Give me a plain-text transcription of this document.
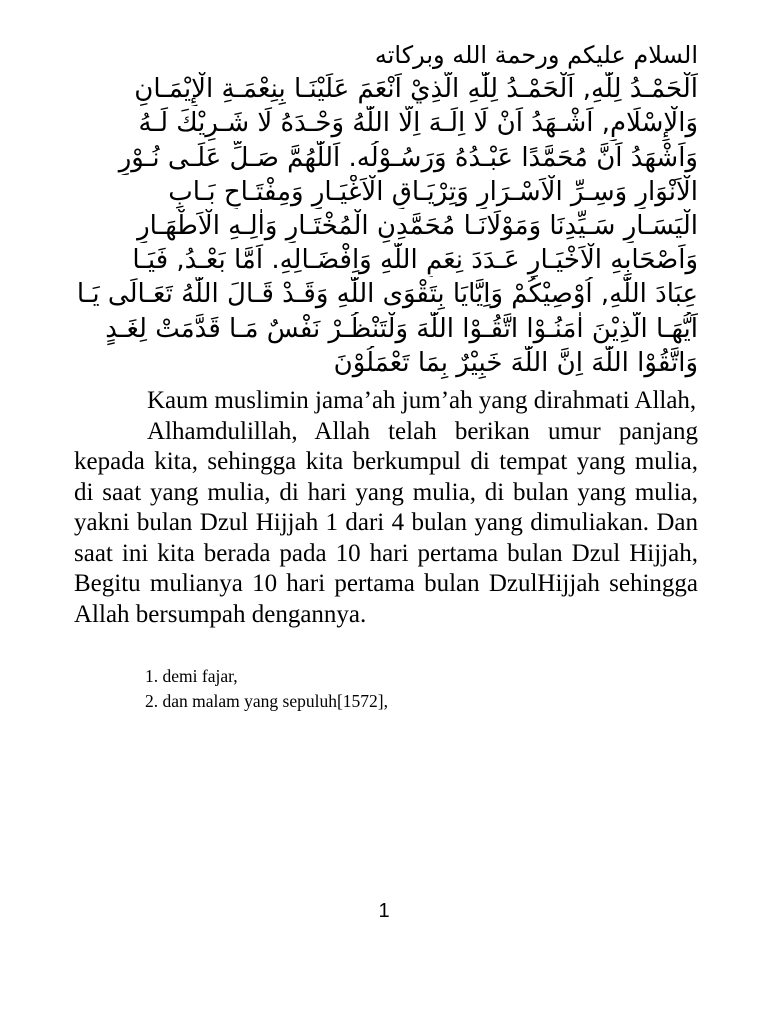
السلام عليكم ورحمة الله وبركاته
اَلْحَمْـدُ لِلّٰهِ, اَلْحَمْـدُ لِلّٰهِ الَّذِيْ اَنْعَمَ عَلَيْنَـا بِنِعْمَـةِ الْإِيْمَـانِ
وَالْإِسْلَامِ, اَشْـهَدُ اَنْ لَا اِلَـهَ اِلَّا اللّٰهُ وَحْـدَهُ لَا شَـرِيْكَ لَـهُ
وَاَشْهَدُ اَنَّ مُحَمَّدًا عَبْـدُهُ وَرَسُـوْلُه. اَللّٰهُمَّ صَـلِّ عَلَـى نُـوْرِ
الْاَنْوَارِ وَسِـرِّ الْاَسْـرَارِ وَتِرْيَـاقِ الْاَغْيَـارِ وَمِفْتَـاحِ بَـابِ
الْيَسَـارِ سَـيِّدِنَا وَمَوْلَانَـا مُحَمَّدِنِ الْمُخْتَـارِ وَاٰلِـهِ الْاَطْهَـارِ
وَاَصْحَابِهِ الْاَخْيَـارِ عَـدَدَ نِعَمِ اللّٰهِ وَاِفْضَـالِهِ. اَمَّا بَعْـدُ, فَيَـا
عِبَادَ اللّٰهِ, اُوْصِيْكُمْ وَاِيَّايَا بِتَقْوَى اللّٰهِ وَقَـدْ قَـالَ اللّٰهُ تَعَـالَى يَـا
اَيُّهَـا الَّذِيْنَ اٰمَنُـوْا اتَّقُـوْا اللّٰهَ وَلْتَنْظُـرْ نَفْسٌ مَـا قَدَّمَتْ لِغَـدٍ
وَاتَّقُوْا اللّٰهَ اِنَّ اللّٰهَ خَبِيْرٌ بِمَا تَعْمَلُوْنَ

Kaum muslimin jama’ah jum’ah yang dirahmati Allah,

Alhamdulillah, Allah telah berikan umur panjang kepada kita, sehingga kita berkumpul di tempat yang mulia, di saat yang mulia, di hari yang mulia, di bulan yang mulia, yakni bulan Dzul Hijjah 1 dari 4 bulan yang dimuliakan. Dan saat ini kita berada pada 10 hari pertama bulan Dzul Hijjah, Begitu mulianya 10 hari pertama bulan DzulHijjah sehingga Allah bersumpah dengannya.

1. demi fajar,
2. dan malam yang sepuluh[1572],
1
